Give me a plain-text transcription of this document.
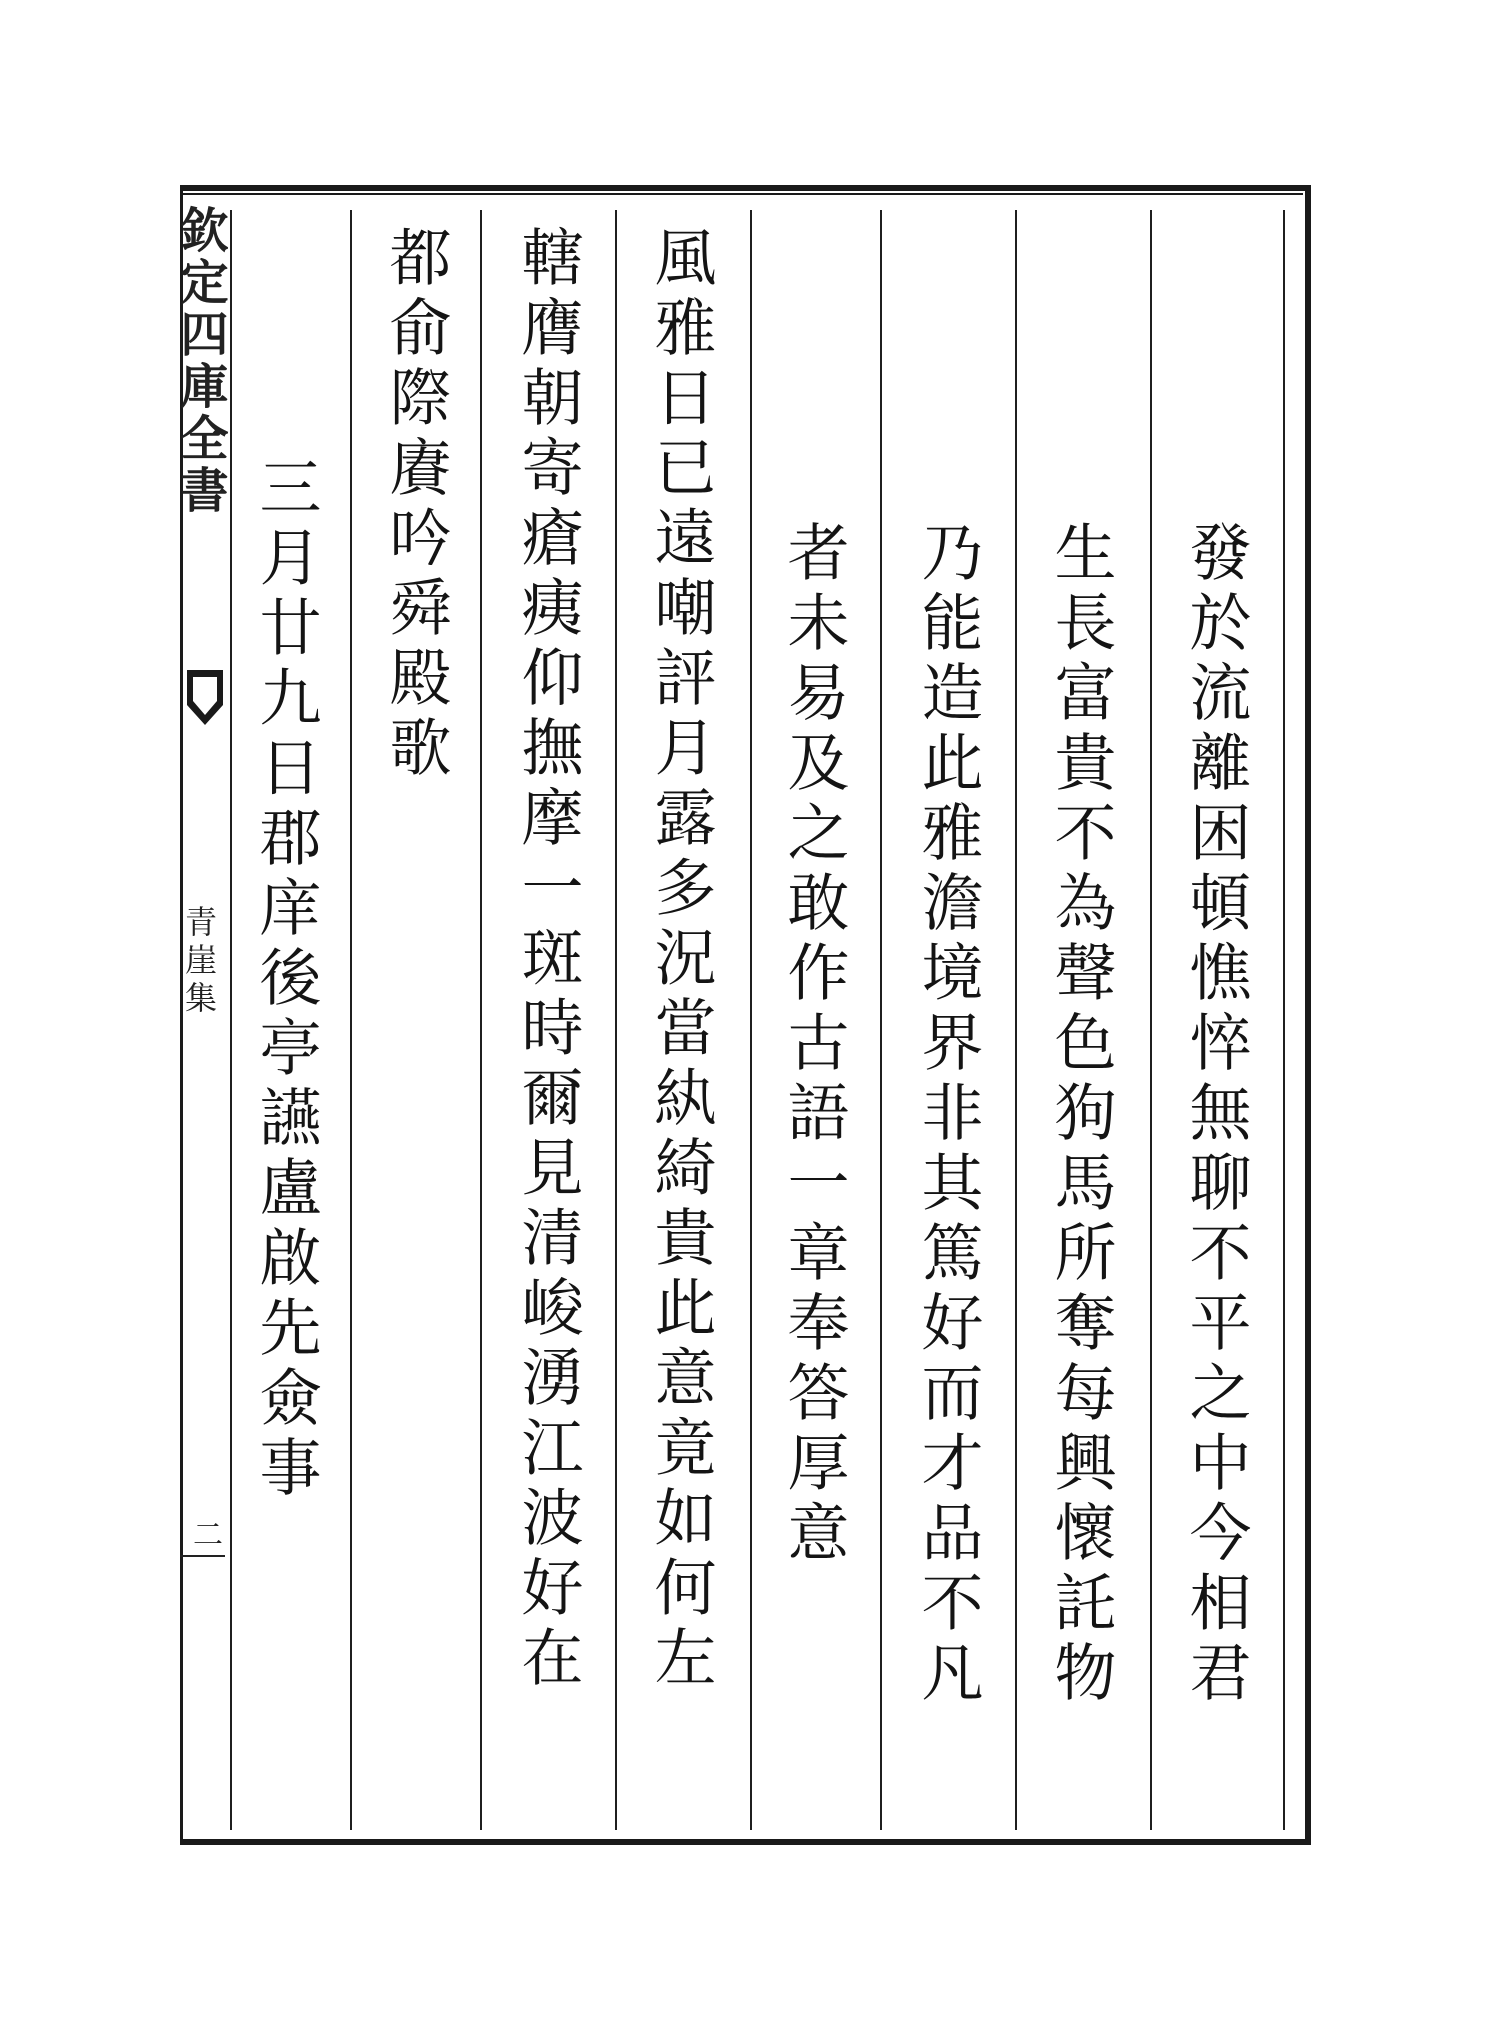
欽定四庫全書
青崖集
二	發於流離困頓憔悴無聊不平之中今相君
生長富貴不為聲色狗馬所奪每興懷託物
乃能造此雅澹境界非其篤好而才品不凡
者未易及之敢作古語一章奉答厚意
風雅日已遠嘲評月露多況當紈綺貴此意竟如何左
轄膺朝寄瘡痍仰撫摩一斑時爾見清峻湧江波好在
都俞際賡吟舜殿歌
三月廿九日郡庠後亭讌盧啟先僉事
